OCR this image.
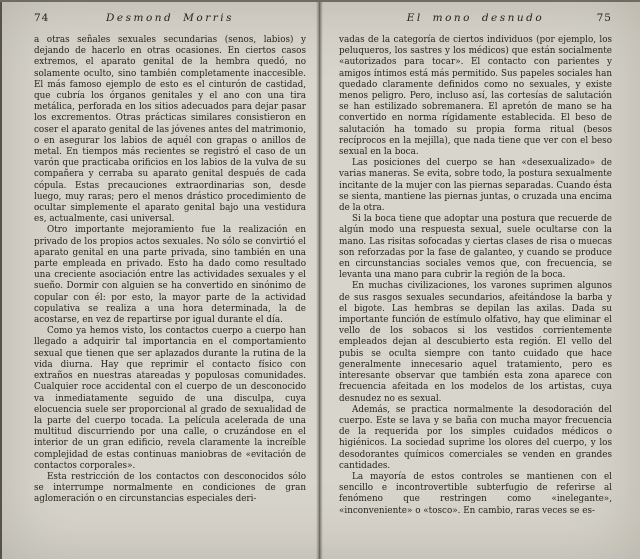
74	Desmond Morris

a otras señales sexuales secundarias (senos, labios) y dejando de hacerlo en otras ocasiones. En ciertos casos extremos, el aparato genital de la hembra quedó, no solamente oculto, sino también completamente inaccesible. El más famoso ejemplo de esto es el cinturón de castidad, que cubría los órganos genitales y el ano con una tira metálica, perforada en los sitios adecuados para dejar pasar los excrementos. Otras prácticas similares consistieron en coser el aparato genital de las jóvenes antes del matrimonio, o en asegurar los labios de aquél con grapas o anillos de metal. En tiempos más recientes se registró el caso de un varón que practicaba orificios en los labios de la vulva de su compañera y cerraba su aparato genital después de cada cópula. Estas precauciones extraordinarias son, desde luego, muy raras; pero el menos drástico procedimiento de ocultar simplemente el aparato genital bajo una vestidura es, actualmente, casi universal.

Otro importante mejoramiento fue la realización en privado de los propios actos sexuales. No sólo se convirtió el aparato genital en una parte privada, sino también en una parte empleada en privado. Esto ha dado como resultado una creciente asociación entre las actividades sexuales y el sueño. Dormir con alguien se ha convertido en sinónimo de copular con él: por esto, la mayor parte de la actividad copulativa se realiza a una hora determinada, la de acostarse, en vez de repartirse por igual durante el día.

Como ya hemos visto, los contactos cuerpo a cuerpo han llegado a adquirir tal importancia en el comportamiento sexual que tienen que ser aplazados durante la rutina de la vida diurna. Hay que reprimir el contacto físico con extraños en nuestras atareadas y populosas comunidades. Cualquier roce accidental con el cuerpo de un desconocido va inmediatamente seguido de una disculpa, cuya elocuencia suele ser proporcional al grado de sexualidad de la parte del cuerpo tocada. La película acelerada de una multitud discurriendo por una calle, o cruzándose en el interior de un gran edificio, revela claramente la increíble complejidad de estas continuas maniobras de «evitación de contactos corporales».

Esta restricción de los contactos con desconocidos sólo se interrumpe normalmente en condiciones de gran aglomeración o en circunstancias especiales deri-

El mono desnudo	75

vadas de la categoría de ciertos individuos (por ejemplo, los peluqueros, los sastres y los médicos) que están socialmente «autorizados para tocar». El contacto con parientes y amigos íntimos está más permitido. Sus papeles sociales han quedado claramente definidos como no sexuales, y existe menos peligro. Pero, incluso así, las cortesías de salutación se han estilizado sobremanera. El apretón de mano se ha convertido en norma rígidamente establecida. El beso de salutación ha tomado su propia forma ritual (besos recíprocos en la mejilla), que nada tiene que ver con el beso sexual en la boca.

Las posiciones del cuerpo se han «desexualizado» de varias maneras. Se evita, sobre todo, la postura sexualmente incitante de la mujer con las piernas separadas. Cuando ésta se sienta, mantiene las piernas juntas, o cruzada una encima de la otra.

Si la boca tiene que adoptar una postura que recuerde de algún modo una respuesta sexual, suele ocultarse con la mano. Las risitas sofocadas y ciertas clases de risa o muecas son reforzadas por la fase de galanteo, y cuando se produce en circunstancias sociales vemos que, con frecuencia, se levanta una mano para cubrir la región de la boca.

En muchas civilizaciones, los varones suprimen algunos de sus rasgos sexuales secundarios, afeitándose la barba y el bigote. Las hembras se depilan las axilas. Dada su importante función de estímulo olfativo, hay que eliminar el vello de los sobacos si los vestidos corrientemente empleados dejan al descubierto esta región. El vello del pubis se oculta siempre con tanto cuidado que hace generalmente innecesario aquel tratamiento, pero es interesante observar que también esta zona aparece con frecuencia afeitada en los modelos de los artistas, cuya desnudez no es sexual.

Además, se practica normalmente la desodoración del cuerpo. Este se lava y se baña con mucha mayor frecuencia de la requerida por los simples cuidados médicos o higiénicos. La sociedad suprime los olores del cuerpo, y los desodorantes químicos comerciales se venden en grandes cantidades.

La mayoría de estos controles se mantienen con el sencillo e incontrovertible subterfugio de referirse al fenómeno que restringen como «inelegante», «inconveniente» o «tosco». En cambio, raras veces se es-
